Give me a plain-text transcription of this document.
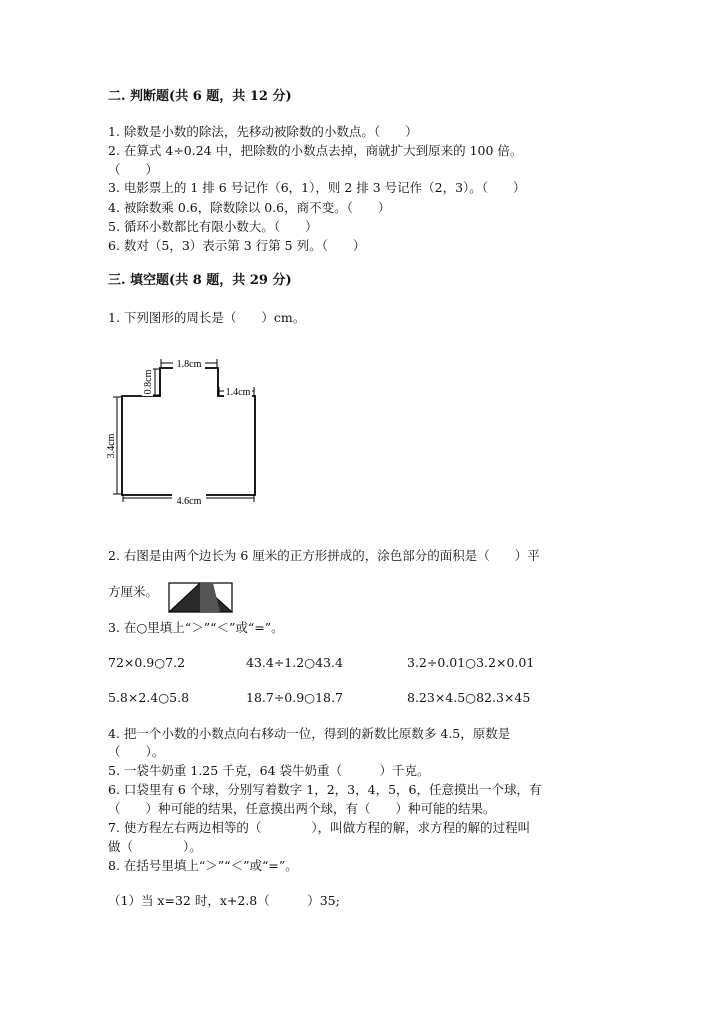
二. 判断题(共 6 题，共 12 分)
1. 除数是小数的除法，先移动被除数的小数点。（　　）
2. 在算式 4÷0.24 中，把除数的小数点去掉，商就扩大到原来的 100 倍。
（　　）
3. 电影票上的 1 排 6 号记作（6，1），则 2 排 3 号记作（2，3）。（　　）
4. 被除数乘 0.6，除数除以 0.6，商不变。（　　）
5. 循环小数都比有限小数大。（　　）
6. 数对（5，3）表示第 3 行第 5 列。（　　）
三. 填空题(共 8 题，共 29 分)
1. 下列图形的周长是（　　）cm。
1.8cm
1.4cm
4.6cm
0.8cm
3.4cm
2. 右图是由两个边长为 6 厘米的正方形拼成的，涂色部分的面积是（　　）平
方厘米。
3. 在○里填上“＞”“＜”或“=”。
72×0.9○7.2	43.4÷1.2○43.4	3.2÷0.01○3.2×0.01
5.8×2.4○5.8	18.7÷0.9○18.7	8.23×4.5○82.3×45
4. 把一个小数的小数点向右移动一位，得到的新数比原数多 4.5，原数是
（　　）。
5. 一袋牛奶重 1.25 千克，64 袋牛奶重（　　　）千克。
6. 口袋里有 6 个球，分别写着数字 1，2，3，4，5，6，任意摸出一个球，有
（　　）种可能的结果，任意摸出两个球，有（　　）种可能的结果。
7. 使方程左右两边相等的（　　　　），叫做方程的解，求方程的解的过程叫
做（　　　　）。
8. 在括号里填上“＞”“＜”或“=”。
（1）当 x=32 时，x+2.8（　　　）35;
